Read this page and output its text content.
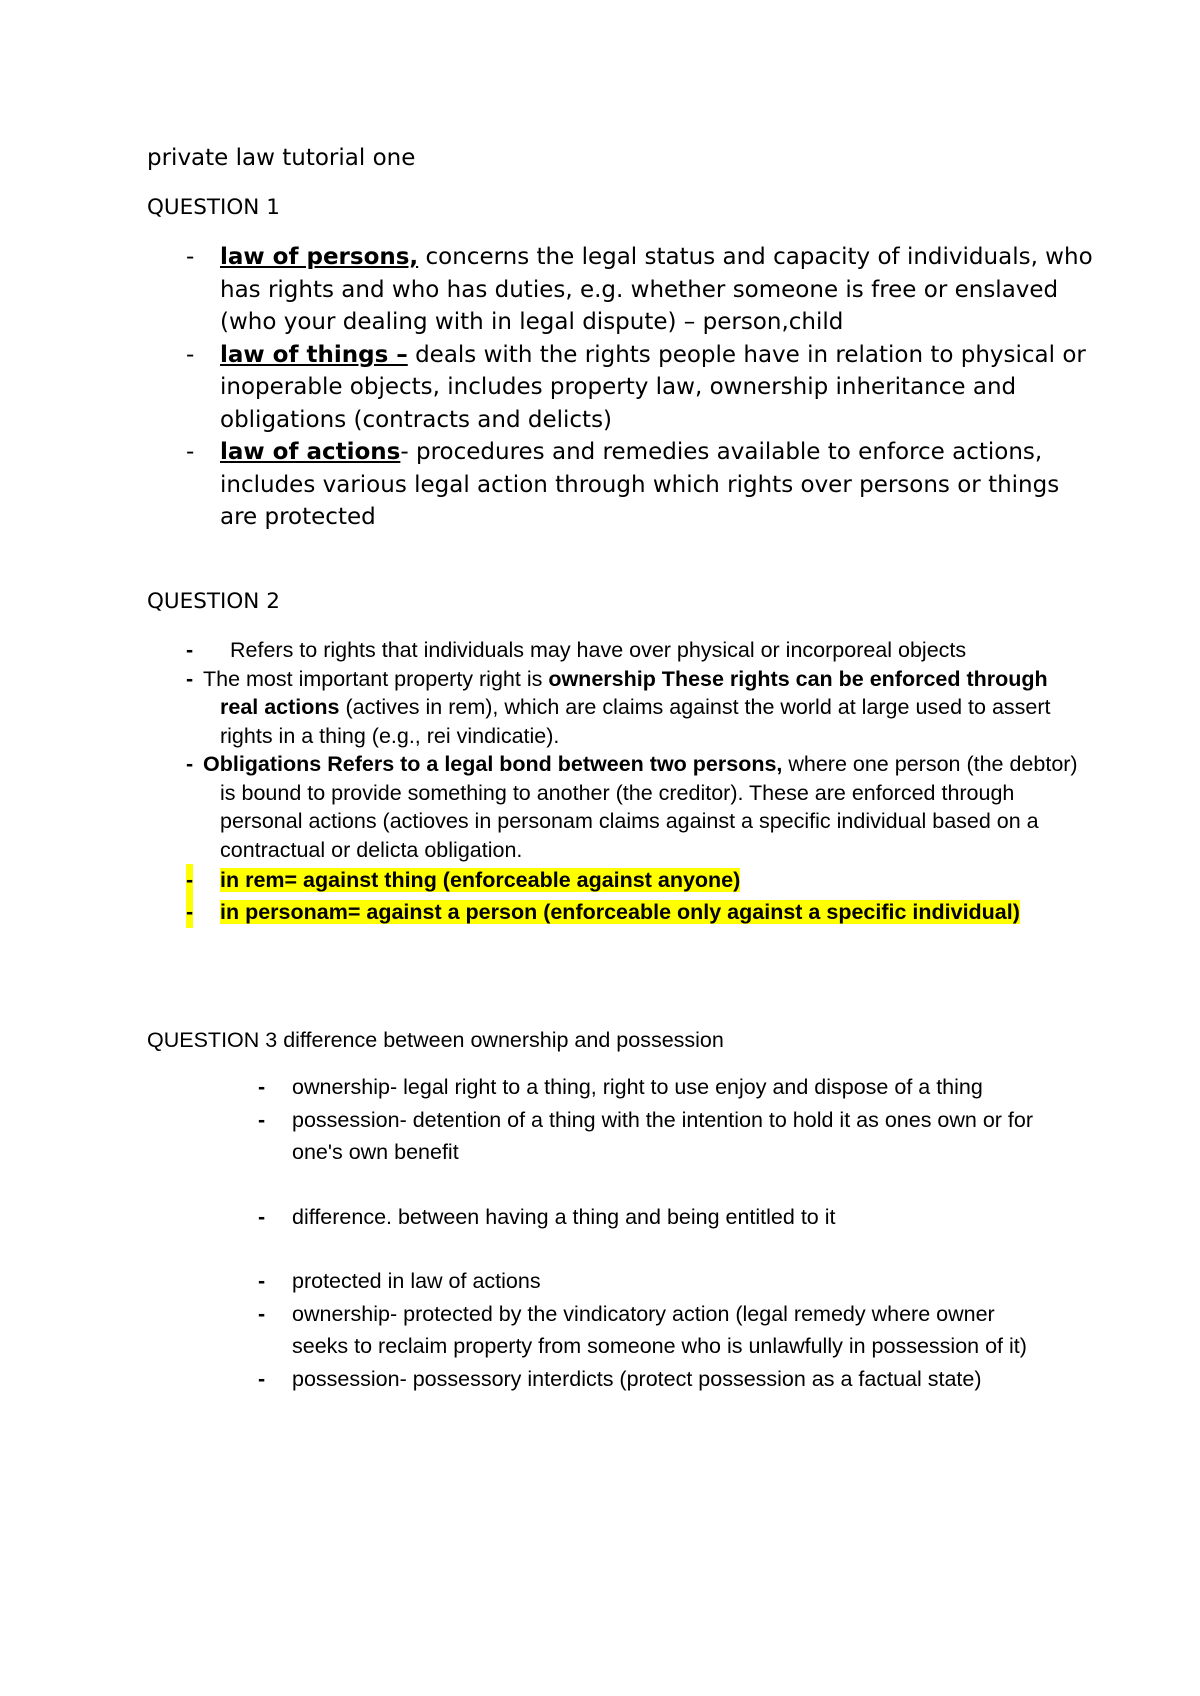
private law tutorial one
QUESTION 1
- law of persons, concerns the legal status and capacity of individuals, who has rights and who has duties, e.g. whether someone is free or enslaved (who your dealing with in legal dispute) – person,child
- law of things – deals with the rights people have in relation to physical or inoperable objects, includes property law, ownership inheritance and obligations (contracts and delicts)
- law of actions- procedures and remedies available to enforce actions, includes various legal action through which rights over persons or things are protected
QUESTION 2
- Refers to rights that individuals may have over physical or incorporeal objects
- The most important property right is ownership These rights can be enforced through real actions (actives in rem), which are claims against the world at large used to assert rights in a thing (e.g., rei vindicatie).
- Obligations Refers to a legal bond between two persons, where one person (the debtor) is bound to provide something to another (the creditor). These are enforced through personal actions (actioves in personam claims against a specific individual based on a contractual or delicta obligation.
- in rem= against thing (enforceable against anyone)
- in personam= against a person (enforceable only against a specific individual)
QUESTION 3 difference between ownership and possession
- ownership- legal right to a thing, right to use enjoy and dispose of a thing
- possession- detention of a thing with the intention to hold it as ones own or for one's own benefit
- difference. between having a thing and being entitled to it
- protected in law of actions
- ownership- protected by the vindicatory action (legal remedy where owner seeks to reclaim property from someone who is unlawfully in possession of it)
- possession- possessory interdicts (protect possession as a factual state)
